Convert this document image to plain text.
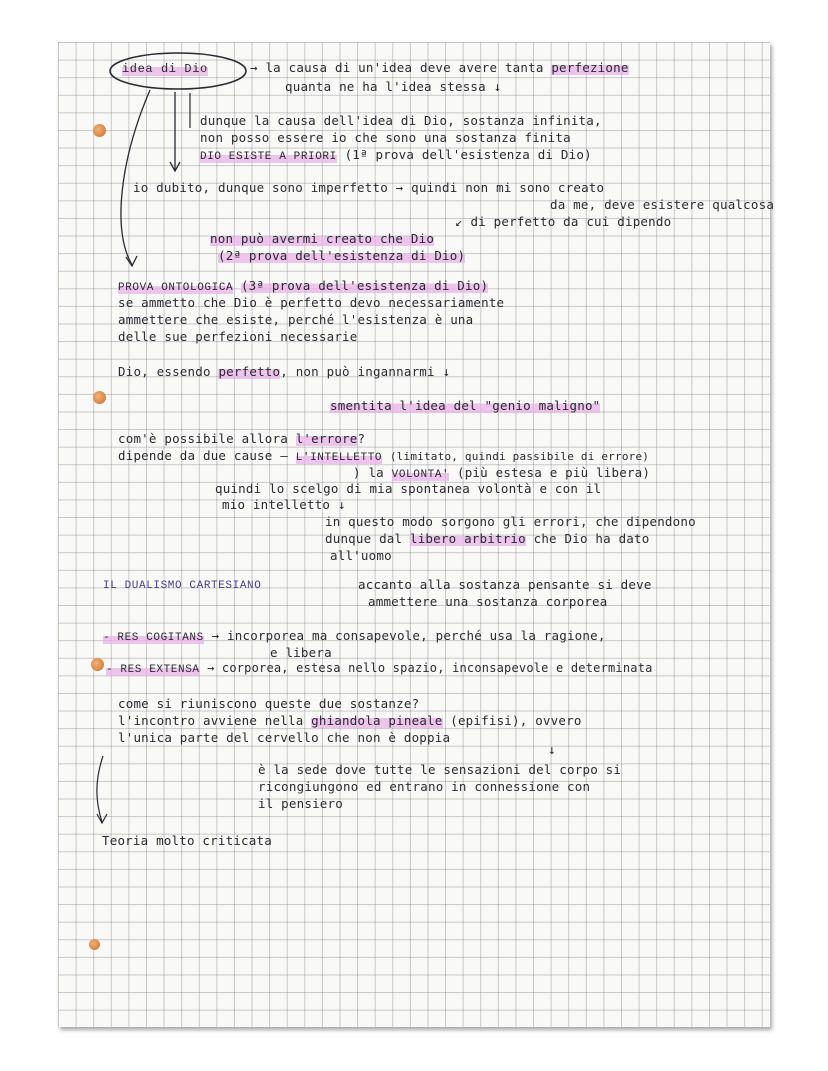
idea di Dio	→ la causa di un'idea deve avere tanta perfezione
quanta ne ha l'idea stessa ↓
dunque la causa dell'idea di Dio, sostanza infinita,
non posso essere io che sono una sostanza finita
DIO ESISTE A PRIORI (1ª prova dell'esistenza di Dio)
io dubito, dunque sono imperfetto → quindi non mi sono creato
da me, deve esistere qualcosa
↙ di perfetto da cui dipendo
non può avermi creato che Dio
(2ª prova dell'esistenza di Dio)
PROVA ONTOLOGICA (3ª prova dell'esistenza di Dio)
se ammetto che Dio è perfetto devo necessariamente
ammettere che esiste, perché l'esistenza è una
delle sue perfezioni necessarie
Dio, essendo perfetto, non può ingannarmi ↓
smentita l'idea del "genio maligno"
com'è possibile allora l'errore?
dipende da due cause — L'INTELLETTO (limitato, quindi passibile di errore)
) la VOLONTA' (più estesa e più libera)
quindi lo scelgo di mia spontanea volontà e con il
mio intelletto ↓
in questo modo sorgono gli errori, che dipendono
dunque dal libero arbitrio che Dio ha dato
all'uomo
IL DUALISMO CARTESIANO	accanto alla sostanza pensante si deve
ammettere una sostanza corporea
- RES COGITANS → incorporea ma consapevole, perché usa la ragione,
e libera
- RES EXTENSA → corporea, estesa nello spazio, inconsapevole e determinata
come si riuniscono queste due sostanze?
l'incontro avviene nella ghiandola pineale (epifisi), ovvero
l'unica parte del cervello che non è doppia
↓
è la sede dove tutte le sensazioni del corpo si
ricongiungono ed entrano in connessione con
il pensiero
Teoria molto criticata
